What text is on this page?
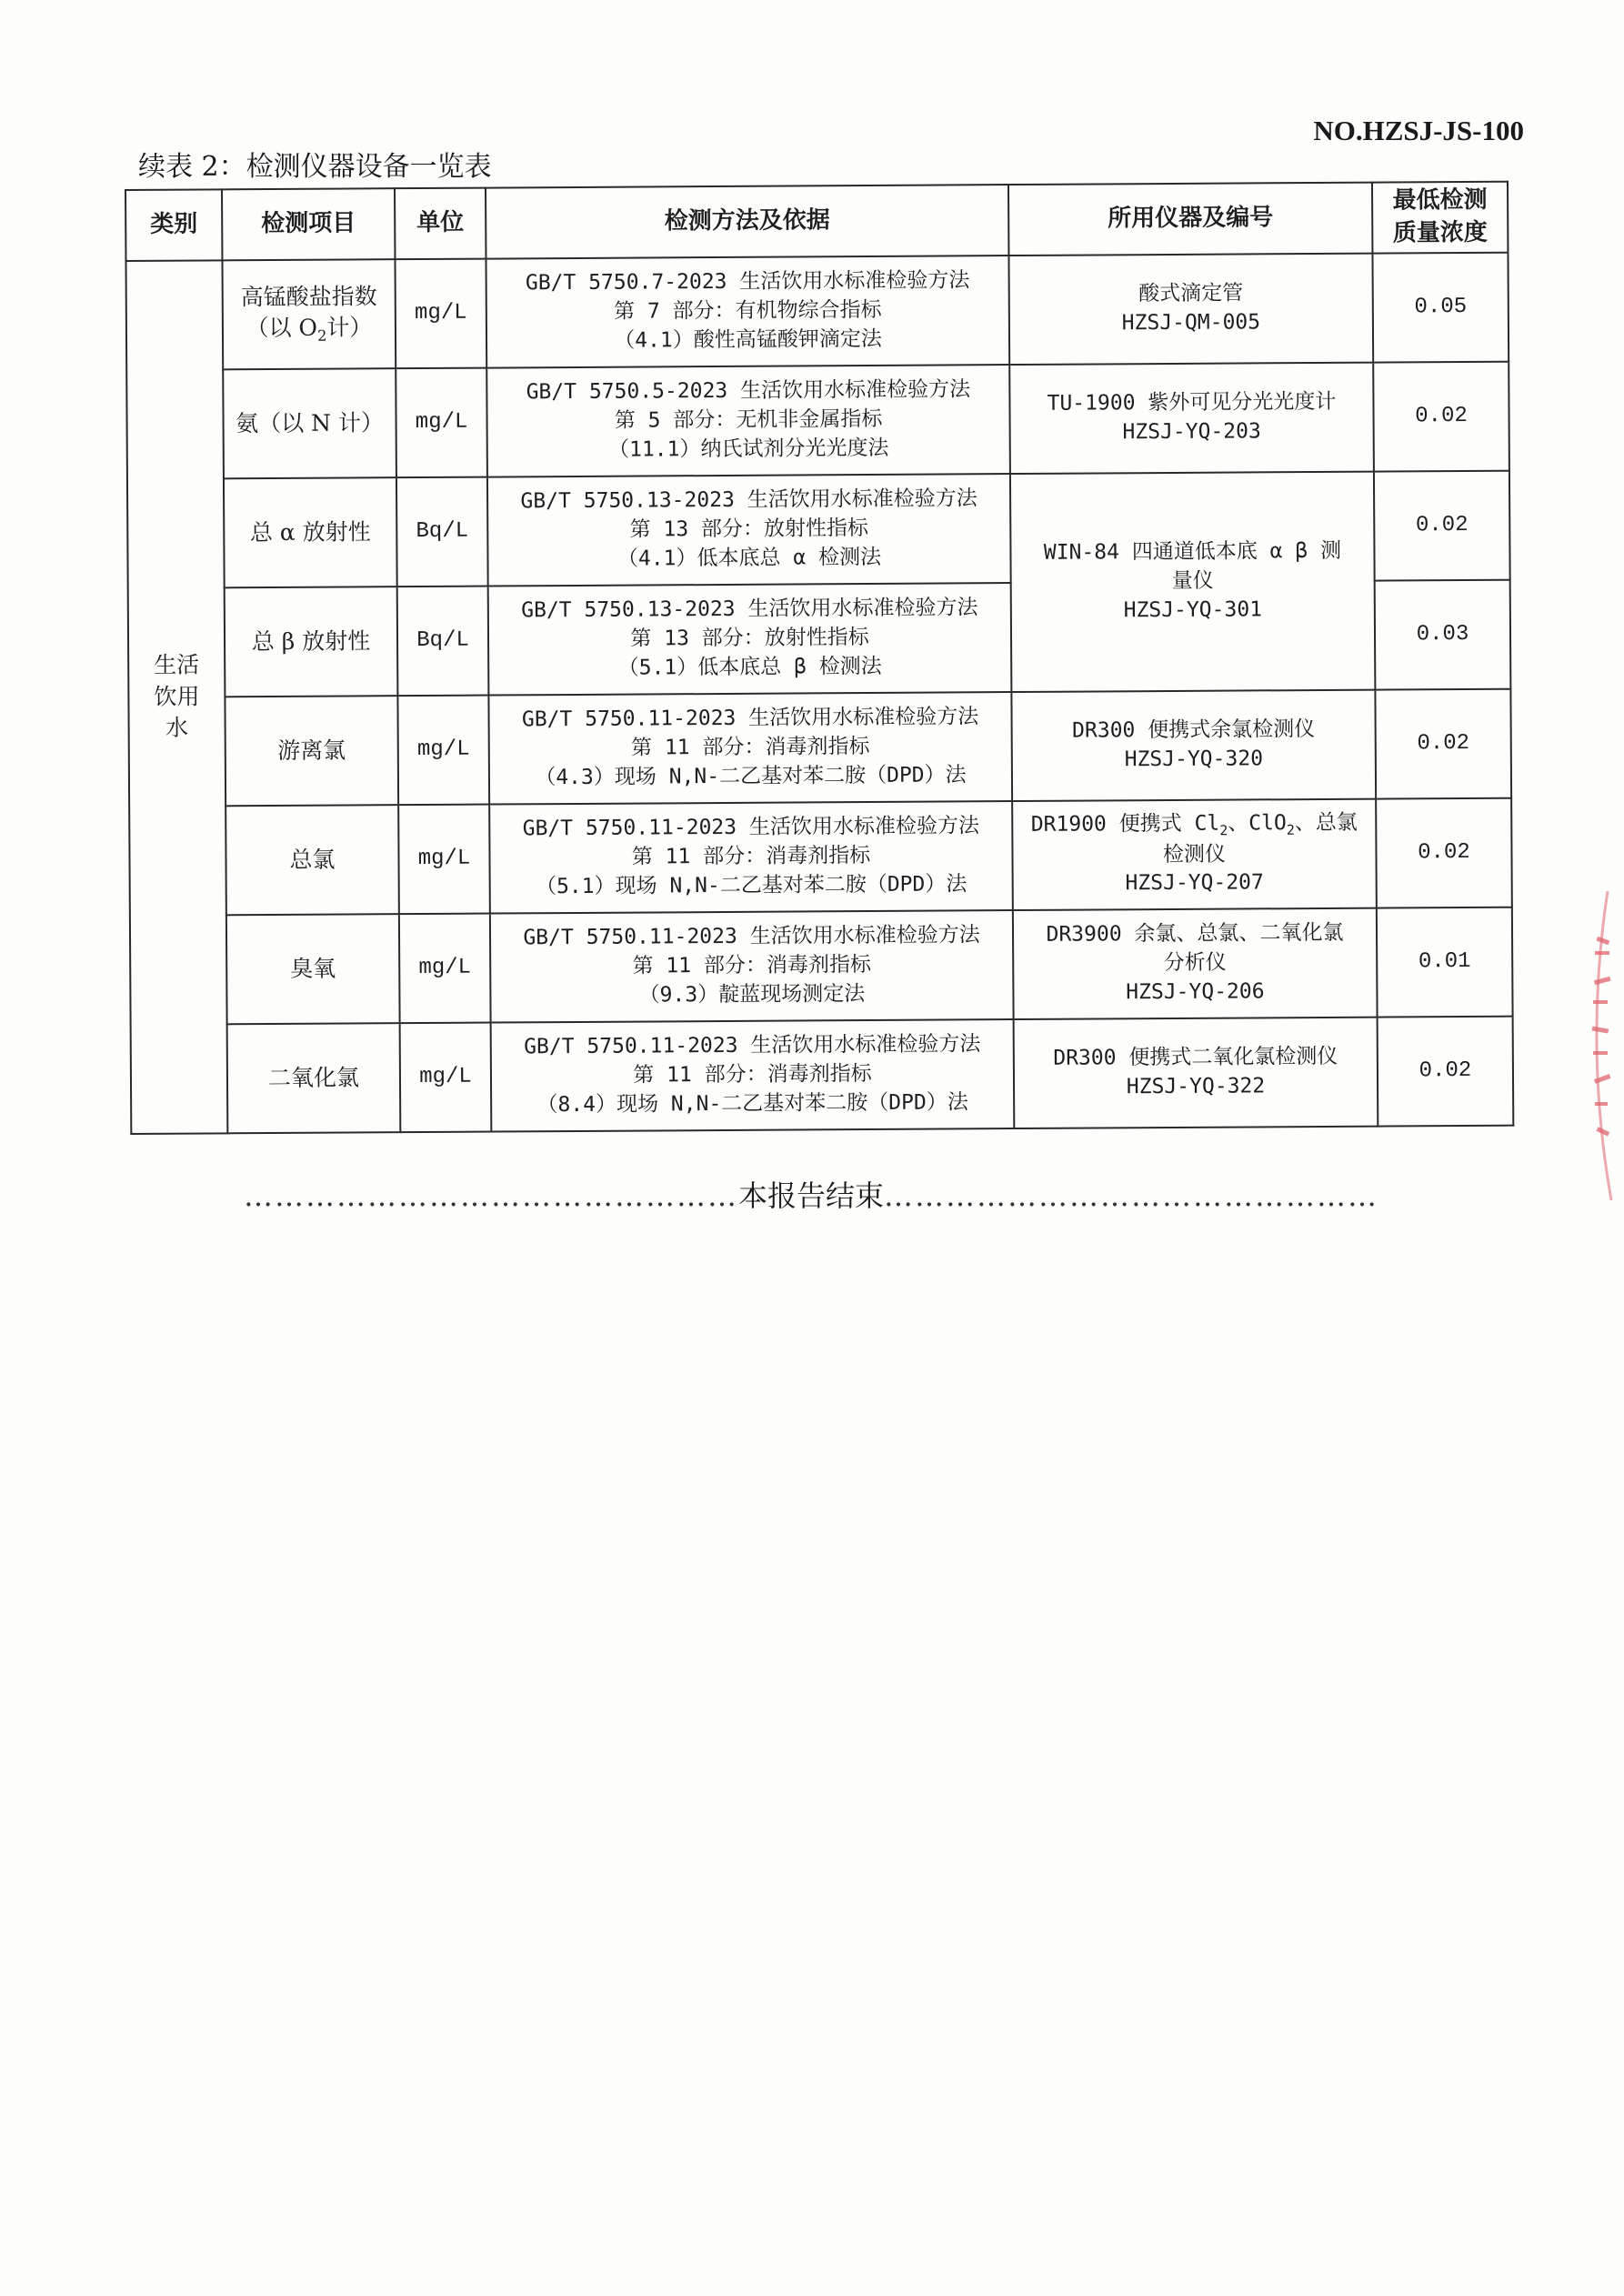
NO.HZSJ-JS-100
续表 2：检测仪器设备一览表
类别	检测项目	单位	检测方法及依据	所用仪器及编号	最低检测
质量浓度

生活饮用水	高锰酸盐指数
（以 $O_2$计）	mg/L	GB/T 5750.7-2023 生活饮用水标准检验方法
第 7 部分：有机物综合指标
（4.1）酸性高锰酸钾滴定法	酸式滴定管
HZSJ-QM-005	0.05
	氨（以 N 计）	mg/L	GB/T 5750.5-2023 生活饮用水标准检验方法
第 5 部分：无机非金属指标
（11.1）纳氏试剂分光光度法	TU-1900 紫外可见分光光度计
HZSJ-YQ-203	0.02
	总 α 放射性	Bq/L	GB/T 5750.13-2023 生活饮用水标准检验方法
第 13 部分：放射性指标
（4.1）低本底总 α 检测法	WIN-84 四通道低本底 α β 测
量仪
HZSJ-YQ-301	0.02
	总 β 放射性	Bq/L	GB/T 5750.13-2023 生活饮用水标准检验方法
第 13 部分：放射性指标
（5.1）低本底总 β 检测法		0.03
	游离氯	mg/L	GB/T 5750.11-2023 生活饮用水标准检验方法
第 11 部分：消毒剂指标
（4.3）现场 N,N-二乙基对苯二胺（DPD）法	DR300 便携式余氯检测仪
HZSJ-YQ-320	0.02
	总氯	mg/L	GB/T 5750.11-2023 生活饮用水标准检验方法
第 11 部分：消毒剂指标
（5.1）现场 N,N-二乙基对苯二胺（DPD）法	DR1900 便携式 $Cl_2$、ClO$_2$、总氯
检测仪
HZSJ-YQ-207	0.02
	臭氧	mg/L	GB/T 5750.11-2023 生活饮用水标准检验方法
第 11 部分：消毒剂指标
（9.3）靛蓝现场测定法	DR3900 余氯、总氯、二氧化氯
分析仪
HZSJ-YQ-206	0.01
	二氧化氯	mg/L	GB/T 5750.11-2023 生活饮用水标准检验方法
第 11 部分：消毒剂指标
（8.4）现场 N,N-二乙基对苯二胺（DPD）法	DR300 便携式二氧化氯检测仪
HZSJ-YQ-322	0.02
…………………………………………本报告结束…………………………………………
